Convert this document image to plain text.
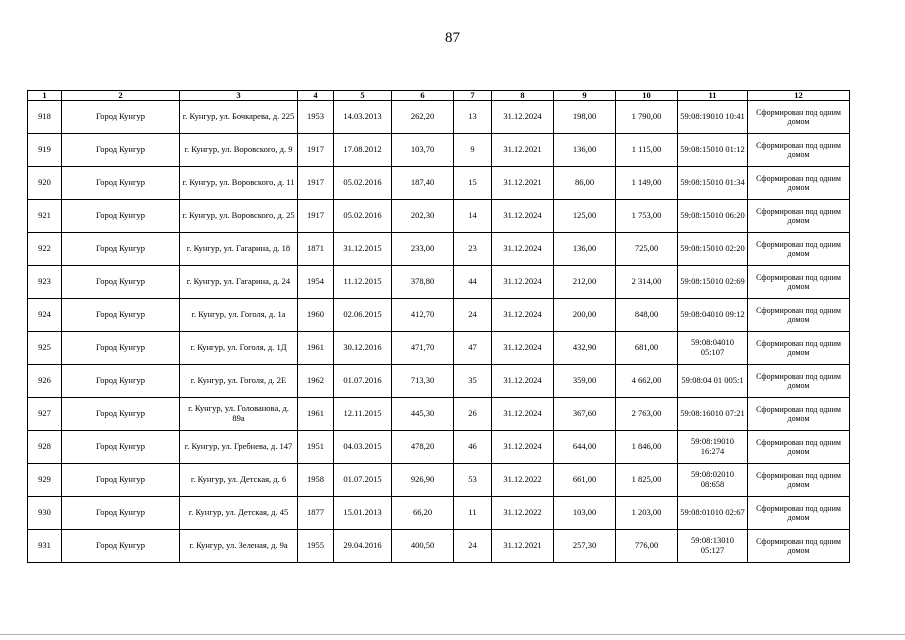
87
1	2	3	4	5	6	7	8	9	10	11	12
918	Город Кунгур	г. Кунгур, ул. Бочкарева, д. 225	1953	14.03.2013	262,20	13	31.12.2024	198,00	1 790,00	59:08:19010 10:41	Сформирован под одним домом
919	Город Кунгур	г. Кунгур, ул. Воровского, д. 9	1917	17.08.2012	103,70	9	31.12.2021	136,00	1 115,00	59:08:15010 01:12	Сформирован под одним домом
920	Город Кунгур	г. Кунгур, ул. Воровского, д. 11	1917	05.02.2016	187,40	15	31.12.2021	86,00	1 149,00	59:08:15010 01:34	Сформирован под одним домом
921	Город Кунгур	г. Кунгур, ул. Воровского, д. 25	1917	05.02.2016	202,30	14	31.12.2024	125,00	1 753,00	59:08:15010 06:20	Сформирован под одним домом
922	Город Кунгур	г. Кунгур, ул. Гагарина, д. 18	1871	31.12.2015	233,00	23	31.12.2024	136,00	725,00	59:08:15010 02:20	Сформирован под одним домом
923	Город Кунгур	г. Кунгур, ул. Гагарина, д. 24	1954	11.12.2015	378,80	44	31.12.2024	212,00	2 314,00	59:08:15010 02:69	Сформирован под одним домом
924	Город Кунгур	г. Кунгур, ул. Гоголя, д. 1а	1960	02.06.2015	412,70	24	31.12.2024	200,00	848,00	59:08:04010 09:12	Сформирован под одним домом
925	Город Кунгур	г. Кунгур, ул. Гоголя, д. 1Д	1961	30.12.2016	471,70	47	31.12.2024	432,90	681,00	59:08:04010 05:107	Сформирован под одним домом
926	Город Кунгур	г. Кунгур, ул. Гоголя, д. 2Е	1962	01.07.2016	713,30	35	31.12.2024	359,00	4 662,00	59:08:04 01 005:1	Сформирован под одним домом
927	Город Кунгур	г. Кунгур, ул. Голованова, д. 89а	1961	12.11.2015	445,30	26	31.12.2024	367,60	2 763,00	59:08:16010 07:21	Сформирован под одним домом
928	Город Кунгур	г. Кунгур, ул. Гребнева, д. 147	1951	04.03.2015	478,20	46	31.12.2024	644,00	1 846,00	59:08:19010 16:274	Сформирован под одним домом
929	Город Кунгур	г. Кунгур, ул. Детская, д. 6	1958	01.07.2015	926,90	53	31.12.2022	661,00	1 825,00	59:08:02010 08:658	Сформирован под одним домом
930	Город Кунгур	г. Кунгур, ул. Детская, д. 45	1877	15.01.2013	66,20	11	31.12.2022	103,00	1 203,00	59:08:01010 02:67	Сформирован под одним домом
931	Город Кунгур	г. Кунгур, ул. Зеленая, д. 9а	1955	29.04.2016	400,50	24	31.12.2021	257,30	776,00	59:08:13010 05:127	Сформирован под одним домом
